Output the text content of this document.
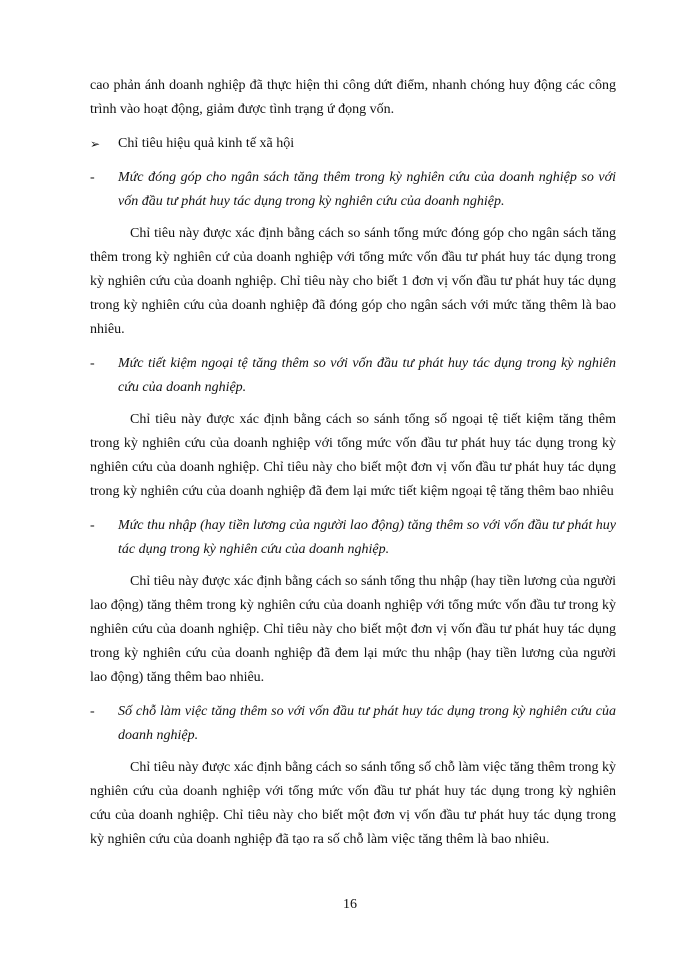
cao phản ánh doanh nghiệp đã thực hiện thi công dứt điểm, nhanh chóng huy động các công trình vào hoạt động, giảm được tình trạng ứ đọng vốn.

➢ Chỉ tiêu hiệu quả kinh tế xã hội
- Mức đóng góp cho ngân sách tăng thêm trong kỳ nghiên cứu của doanh nghiệp so với vốn đầu tư phát huy tác dụng trong kỳ nghiên cứu của doanh nghiệp.

Chỉ tiêu này được xác định bằng cách so sánh tổng mức đóng góp cho ngân sách tăng thêm trong kỳ nghiên cứ của doanh nghiệp với tổng mức vốn đầu tư phát huy tác dụng trong kỳ nghiên cứu của doanh nghiệp. Chỉ tiêu này cho biết 1 đơn vị vốn đầu tư phát huy tác dụng trong kỳ nghiên cứu của doanh nghiệp đã đóng góp cho ngân sách với mức tăng thêm là bao nhiêu.

- Mức tiết kiệm ngoại tệ tăng thêm so với vốn đầu tư phát huy tác dụng trong kỳ nghiên cứu của doanh nghiệp.

Chỉ tiêu này được xác định bằng cách so sánh tổng số ngoại tệ tiết kiệm tăng thêm trong kỳ nghiên cứu của doanh nghiệp với tổng mức vốn đầu tư phát huy tác dụng trong kỳ nghiên cứu của doanh nghiệp. Chỉ tiêu này cho biết một đơn vị vốn đầu tư phát huy tác dụng trong kỳ nghiên cứu của doanh nghiệp đã đem lại mức tiết kiệm ngoại tệ tăng thêm bao nhiêu

- Mức thu nhập (hay tiền lương của người lao động) tăng thêm so với vốn đầu tư phát huy tác dụng trong kỳ nghiên cứu của doanh nghiệp.

Chỉ tiêu này được xác định bằng cách so sánh tổng thu nhập (hay tiền lương của người lao động) tăng thêm trong kỳ nghiên cứu của doanh nghiệp với tổng mức vốn đầu tư trong kỳ nghiên cứu của doanh nghiệp. Chỉ tiêu này cho biết một đơn vị vốn đầu tư phát huy tác dụng trong kỳ nghiên cứu của doanh nghiệp đã đem lại mức thu nhập (hay tiền lương của người lao động) tăng thêm bao nhiêu.

- Số chỗ làm việc tăng thêm so với vốn đầu tư phát huy tác dụng trong kỳ nghiên cứu của doanh nghiệp.

Chỉ tiêu này được xác định bằng cách so sánh tổng số chỗ làm việc tăng thêm trong kỳ nghiên cứu của doanh nghiệp với tổng mức vốn đầu tư phát huy tác dụng trong kỳ nghiên cứu của doanh nghiệp. Chỉ tiêu này cho biết một đơn vị vốn đầu tư phát huy tác dụng trong kỳ nghiên cứu của doanh nghiệp đã tạo ra số chỗ làm việc tăng thêm là bao nhiêu.

16
